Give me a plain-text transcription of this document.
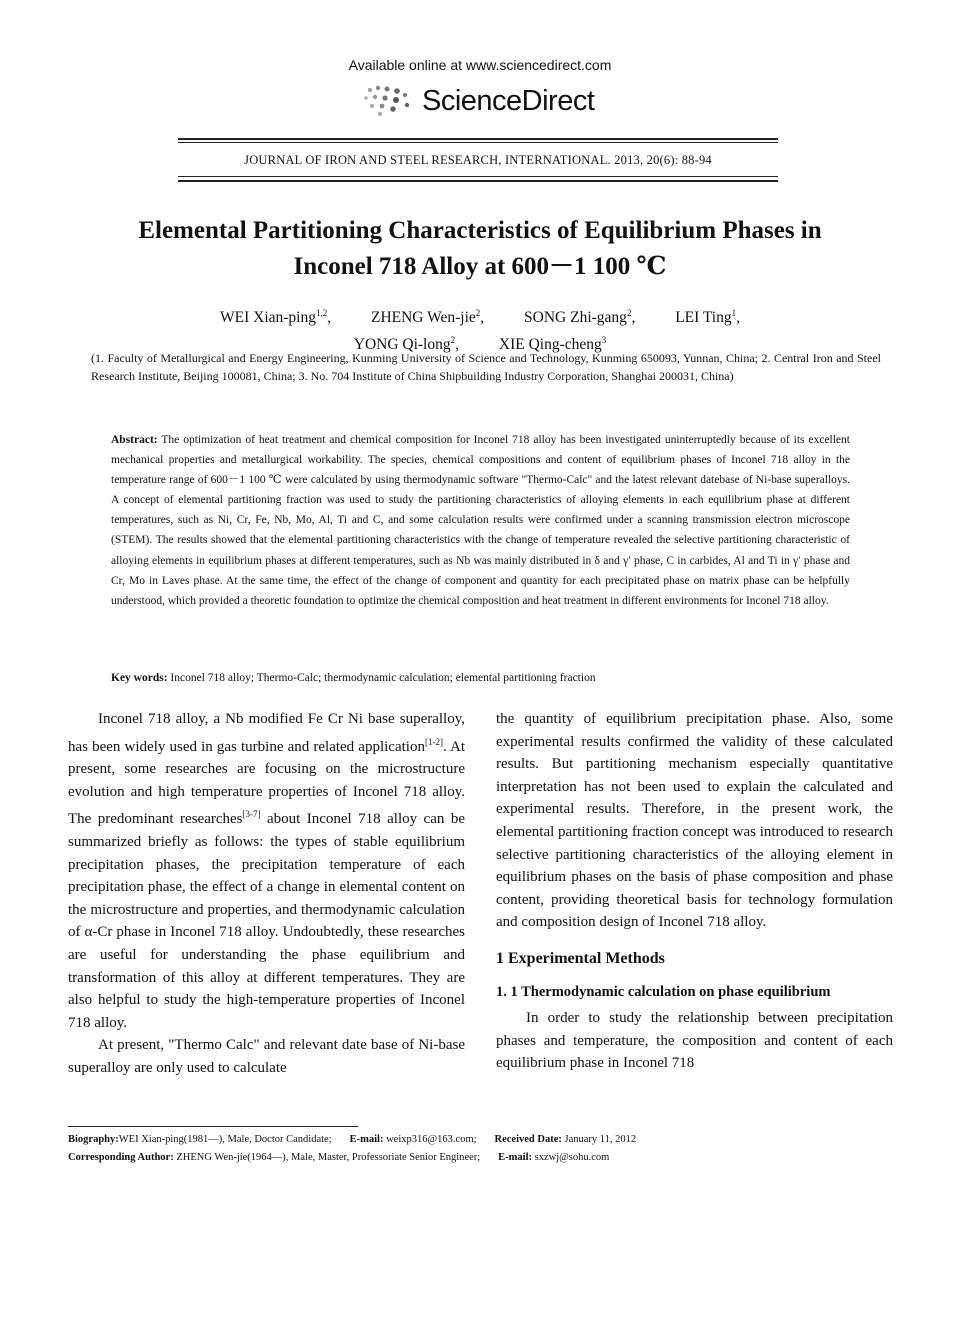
Available online at www.sciencedirect.com
ScienceDirect
JOURNAL OF IRON AND STEEL RESEARCH, INTERNATIONAL. 2013, 20(6): 88-94
Elemental Partitioning Characteristics of Equilibrium Phases in
Inconel 718 Alloy at 600－1 100 ℃
WEI Xian-ping$^{1,2}$,	ZHENG Wen-jie$^2$,	SONG Zhi-gang$^2$,	LEI Ting$^1$,
YONG Qi-long$^2$,	XIE Qing-cheng$^3$
(1. Faculty of Metallurgical and Energy Engineering, Kunming University of Science and Technology, Kunming 650093, Yunnan, China; 2. Central Iron and Steel Research Institute, Beijing 100081, China; 3. No. 704 Institute of China Shipbuilding Industry Corporation, Shanghai 200031, China)
Abstract: The optimization of heat treatment and chemical composition for Inconel 718 alloy has been investigated uninterruptedly because of its excellent mechanical properties and metallurgical workability. The species, chemical compositions and content of equilibrium phases of Inconel 718 alloy in the temperature range of 600－1 100 ℃ were calculated by using thermodynamic software "Thermo-Calc" and the latest relevant datebase of Ni-base superalloys. A concept of elemental partitioning fraction was used to study the partitioning characteristics of alloying elements in each equilibrium phase at different temperatures, such as Ni, Cr, Fe, Nb, Mo, Al, Ti and C, and some calculation results were confirmed under a scanning transmission electron microscope (STEM). The results showed that the elemental partitioning characteristics with the change of temperature revealed the selective partitioning characteristic of alloying elements in equilibrium phases at different temperatures, such as Nb was mainly distributed in δ and γ′ phase, C in carbides, Al and Ti in γ′ phase and Cr, Mo in Laves phase. At the same time, the effect of the change of component and quantity for each precipitated phase on matrix phase can be helpfully understood, which provided a theoretic foundation to optimize the chemical composition and heat treatment in different environments for Inconel 718 alloy.
Key words: Inconel 718 alloy; Thermo-Calc; thermodynamic calculation; elemental partitioning fraction

Inconel 718 alloy, a Nb modified Fe Cr Ni base superalloy, has been widely used in gas turbine and related application[1-2]. At present, some researches are focusing on the microstructure evolution and high temperature properties of Inconel 718 alloy. The predominant researches[3-7] about Inconel 718 alloy can be summarized briefly as follows: the types of stable equilibrium precipitation phases, the precipitation temperature of each precipitation phase, the effect of a change in elemental content on the microstructure and properties, and thermodynamic calculation of α-Cr phase in Inconel 718 alloy. Undoubtedly, these researches are useful for understanding the phase equilibrium and transformation of this alloy at different temperatures. They are also helpful to study the high-temperature properties of Inconel 718 alloy.

At present, "Thermo Calc" and relevant date base of Ni-base superalloy are only used to calculate

the quantity of equilibrium precipitation phase. Also, some experimental results confirmed the validity of these calculated results. But partitioning mechanism especially quantitative interpretation has not been used to explain the calculated and experimental results. Therefore, in the present work, the elemental partitioning fraction concept was introduced to research selective partitioning characteristics of the alloying element in equilibrium phases on the basis of phase composition and phase content, providing theoretical basis for technology formulation and composition design of Inconel 718 alloy.

1 Experimental Methods

1. 1 Thermodynamic calculation on phase equilibrium

In order to study the relationship between precipitation phases and temperature, the composition and content of each equilibrium phase in Inconel 718

Biography:WEI Xian-ping(1981—), Male, Doctor Candidate; E-mail: weixp316@163.com; Received Date: January 11, 2012
Corresponding Author: ZHENG Wen-jie(1964—), Male, Master, Professoriate Senior Engineer; E-mail: sxzwj@sohu.com
